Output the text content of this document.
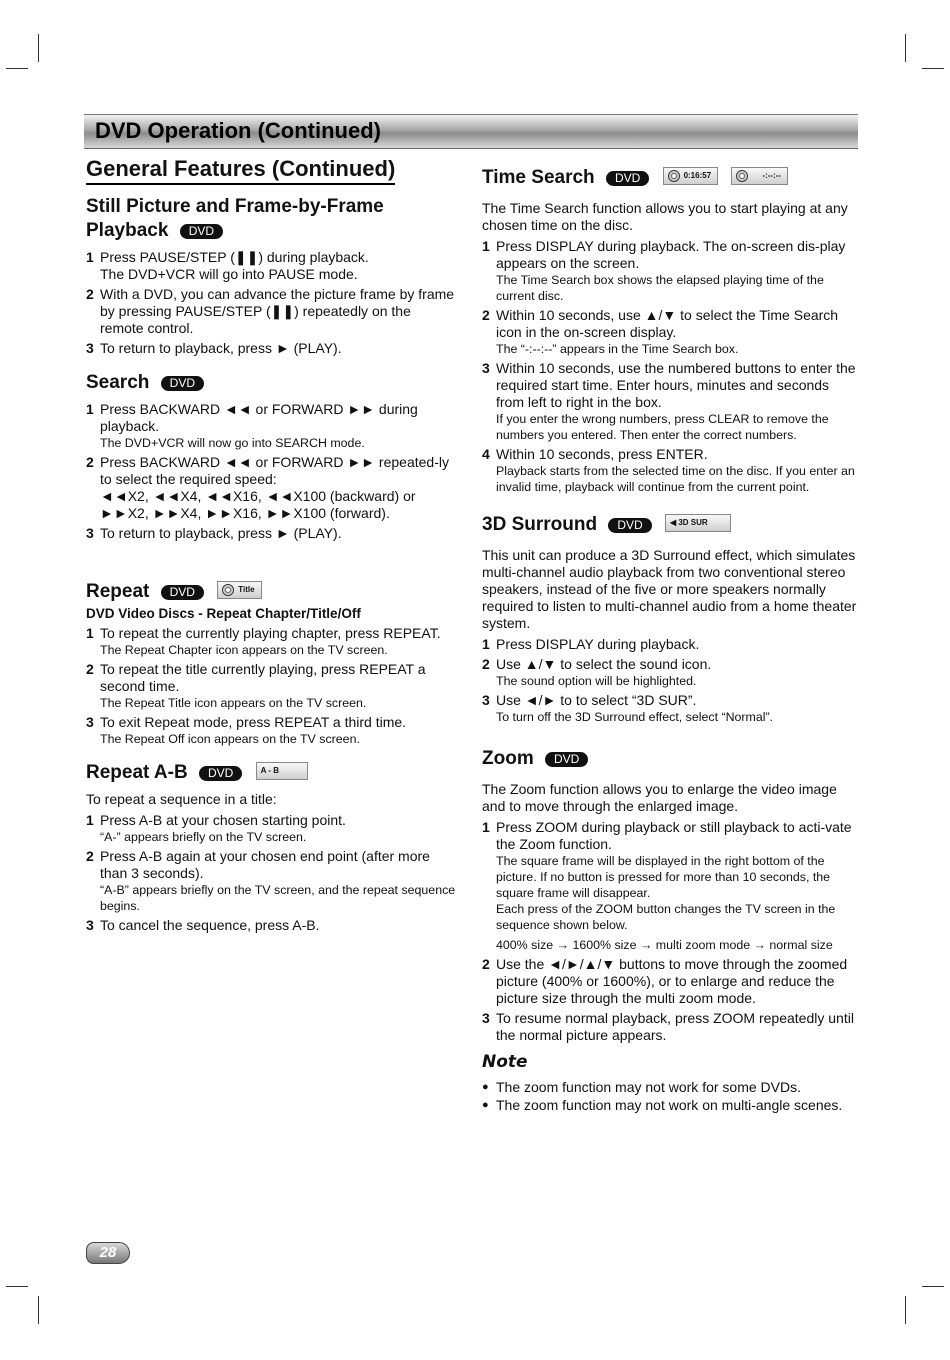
DVD Operation (Continued)
General Features (Continued)
Still Picture and Frame-by-Frame Playback DVD
1 Press PAUSE/STEP (❚❚) during playback.
The DVD+VCR will go into PAUSE mode.
2 With a DVD, you can advance the picture frame by frame by pressing PAUSE/STEP (❚❚) repeatedly on the remote control.
3 To return to playback, press ► (PLAY).
Search DVD
1 Press BACKWARD ◄◄ or FORWARD ►► during playback.
The DVD+VCR will now go into SEARCH mode.
2 Press BACKWARD ◄◄ or FORWARD ►► repeated-ly to select the required speed:
◄◄X2, ◄◄X4, ◄◄X16, ◄◄X100 (backward) or ►►X2, ►►X4, ►►X16, ►►X100 (forward).
3 To return to playback, press ► (PLAY).
Repeat DVD	Title
DVD Video Discs - Repeat Chapter/Title/Off
1 To repeat the currently playing chapter, press REPEAT.
The Repeat Chapter icon appears on the TV screen.
2 To repeat the title currently playing, press REPEAT a second time.
The Repeat Title icon appears on the TV screen.
3 To exit Repeat mode, press REPEAT a third time.
The Repeat Off icon appears on the TV screen.
Repeat A-B DVD	A - B

To repeat a sequence in a title:

1 Press A-B at your chosen starting point.
“A-” appears briefly on the TV screen.
2 Press A-B again at your chosen end point (after more than 3 seconds).
“A-B” appears briefly on the TV screen, and the repeat sequence begins.
3 To cancel the sequence, press A-B.
Time Search DVD	0:16:57	-:--:--

The Time Search function allows you to start playing at any chosen time on the disc.

1 Press DISPLAY during playback. The on-screen dis-play appears on the screen.
The Time Search box shows the elapsed playing time of the current disc.
2 Within 10 seconds, use ▲/▼ to select the Time Search icon in the on-screen display.
The “-:--:--” appears in the Time Search box.
3 Within 10 seconds, use the numbered buttons to enter the required start time. Enter hours, minutes and seconds from left to right in the box.
If you enter the wrong numbers, press CLEAR to remove the numbers you entered. Then enter the correct numbers.
4 Within 10 seconds, press ENTER.
Playback starts from the selected time on the disc. If you enter an invalid time, playback will continue from the current point.
3D Surround DVD	◀ 3D SUR

This unit can produce a 3D Surround effect, which simulates multi-channel audio playback from two conventional stereo speakers, instead of the five or more speakers normally required to listen to multi-channel audio from a home theater system.

1 Press DISPLAY during playback.
2 Use ▲/▼ to select the sound icon.
The sound option will be highlighted.
3 Use ◄/► to to select “3D SUR”.
To turn off the 3D Surround effect, select “Normal”.
Zoom DVD

The Zoom function allows you to enlarge the video image and to move through the enlarged image.

1 Press ZOOM during playback or still playback to acti-vate the Zoom function.
The square frame will be displayed in the right bottom of the picture. If no button is pressed for more than 10 seconds, the square frame will disappear.
Each press of the ZOOM button changes the TV screen in the sequence shown below.
400% size → 1600% size → multi zoom mode → normal size
2 Use the ◄/►/▲/▼ buttons to move through the zoomed picture (400% or 1600%), or to enlarge and reduce the picture size through the multi zoom mode.
3 To resume normal playback, press ZOOM repeatedly until the normal picture appears.
Note
● The zoom function may not work for some DVDs.
● The zoom function may not work on multi-angle scenes.
28
